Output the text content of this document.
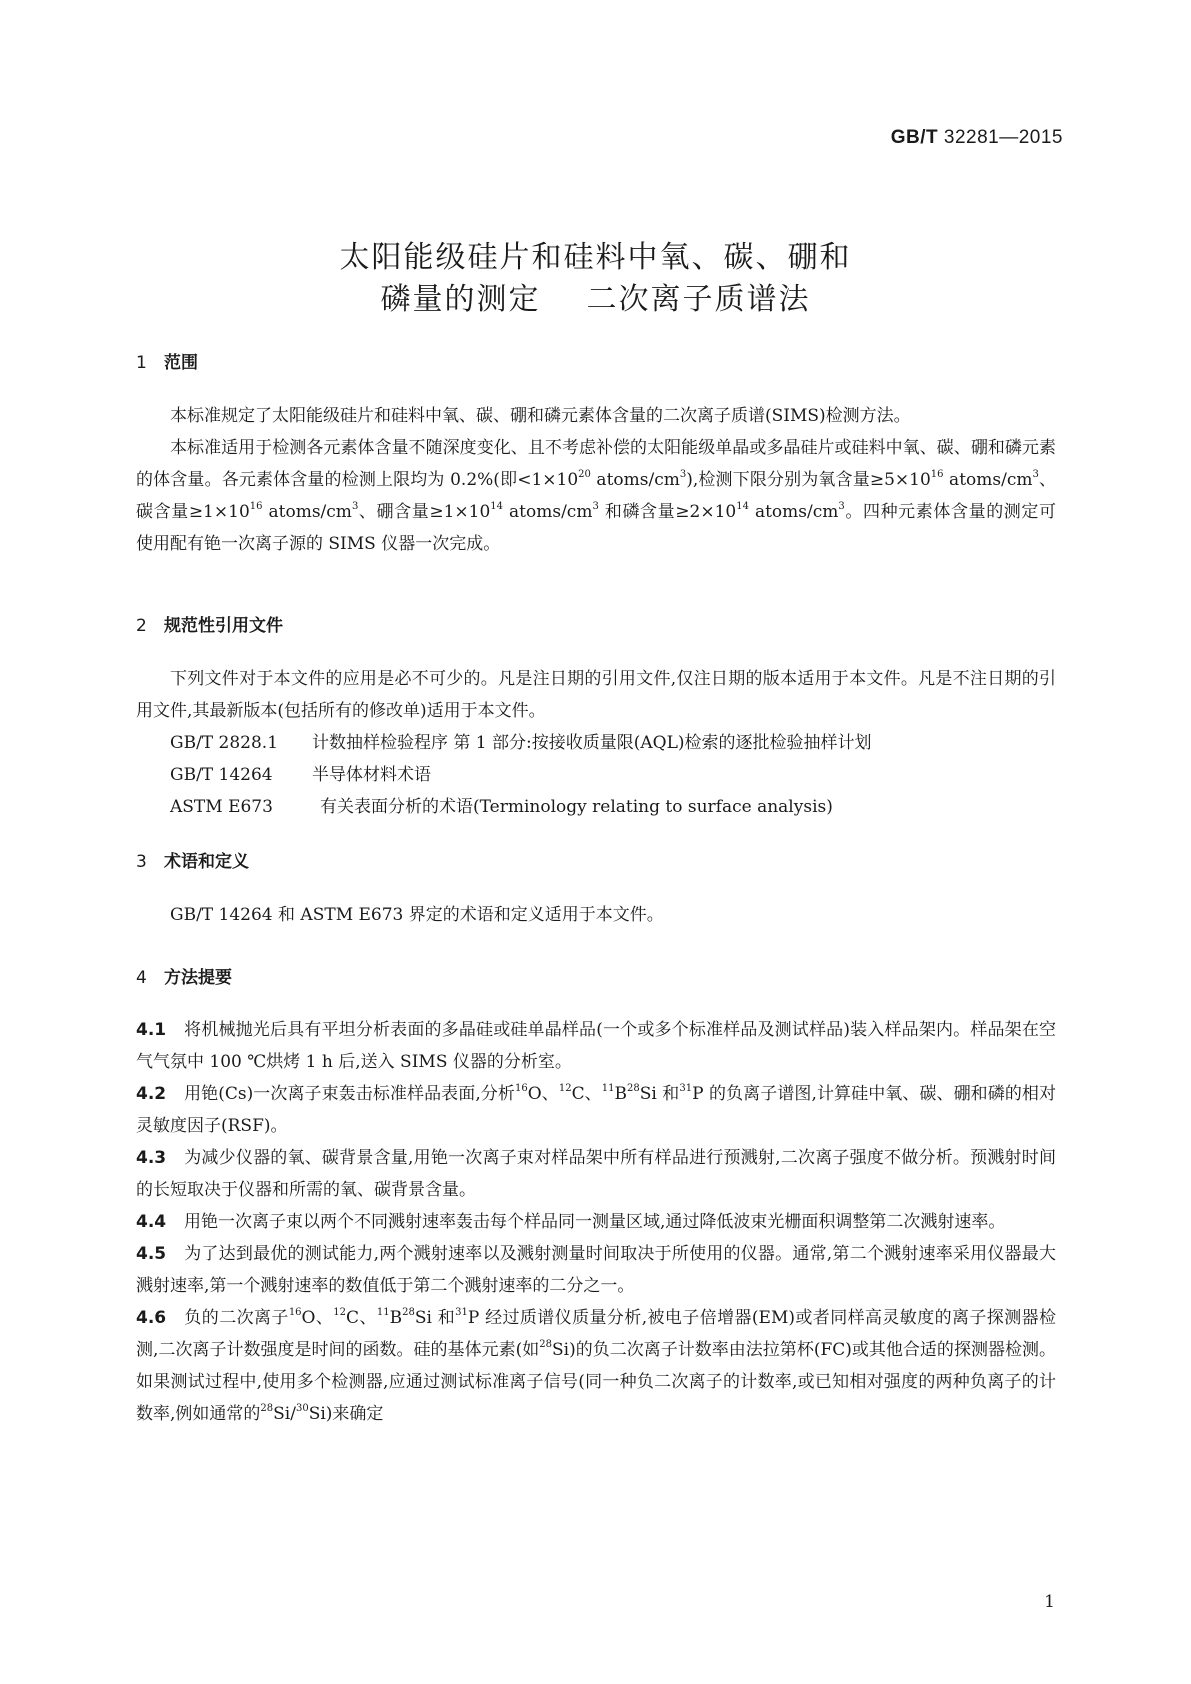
GB/T 32281—2015
太阳能级硅片和硅料中氧、碳、硼和
磷量的测定 二次离子质谱法
1 范围

本标准规定了太阳能级硅片和硅料中氧、碳、硼和磷元素体含量的二次离子质谱(SIMS)检测方法。

本标准适用于检测各元素体含量不随深度变化、且不考虑补偿的太阳能级单晶或多晶硅片或硅料中氧、碳、硼和磷元素的体含量。各元素体含量的检测上限均为 0.2%(即$<1\times 10^{20}$ atoms/$cm^3$),检测下限分别为氧含量$\ge 5\times 10^{16}$ atoms/$cm^3$、碳含量$\ge 1\times 10^{16}$ atoms/$cm^3$、硼含量$\ge 1\times 10^{14}$ atoms/$cm^3$ 和磷含量$\ge 2\times 10^{14}$ atoms/$cm^3$。四种元素体含量的测定可使用配有铯一次离子源的 SIMS 仪器一次完成。

2 规范性引用文件

下列文件对于本文件的应用是必不可少的。凡是注日期的引用文件,仅注日期的版本适用于本文件。凡是不注日期的引用文件,其最新版本(包括所有的修改单)适用于本文件。

GB/T 2828.1 计数抽样检验程序 第 1 部分:按接收质量限(AQL)检索的逐批检验抽样计划

GB/T 14264 半导体材料术语

ASTM E673	有关表面分析的术语(Terminology relating to surface analysis)

3 术语和定义

GB/T 14264 和 ASTM E673 界定的术语和定义适用于本文件。

4 方法提要

4.1 将机械抛光后具有平坦分析表面的多晶硅或硅单晶样品(一个或多个标准样品及测试样品)装入样品架内。样品架在空气气氛中 100 ℃烘烤 1 h 后,送入 SIMS 仪器的分析室。

4.2 用铯(Cs)一次离子束轰击标准样品表面,分析$^{16}$O、$^{12}$C、$^{11}B^{28}Si$ 和$^{31}$P 的负离子谱图,计算硅中氧、碳、硼和磷的相对灵敏度因子(RSF)。

4.3 为减少仪器的氧、碳背景含量,用铯一次离子束对样品架中所有样品进行预溅射,二次离子强度不做分析。预溅射时间的长短取决于仪器和所需的氧、碳背景含量。

4.4 用铯一次离子束以两个不同溅射速率轰击每个样品同一测量区域,通过降低波束光栅面积调整第二次溅射速率。

4.5 为了达到最优的测试能力,两个溅射速率以及溅射测量时间取决于所使用的仪器。通常,第二个溅射速率采用仪器最大溅射速率,第一个溅射速率的数值低于第二个溅射速率的二分之一。

4.6 负的二次离子$^{16}$O、$^{12}$C、$^{11}B^{28}Si$ 和$^{31}$P 经过质谱仪质量分析,被电子倍增器(EM)或者同样高灵敏度的离子探测器检测,二次离子计数强度是时间的函数。硅的基体元素(如$^{28}$Si)的负二次离子计数率由法拉第杯(FC)或其他合适的探测器检测。如果测试过程中,使用多个检测器,应通过测试标准离子信号(同一种负二次离子的计数率,或已知相对强度的两种负离子的计数率,例如通常的$^{28}$Si/$^{30}$Si)来确定

1
